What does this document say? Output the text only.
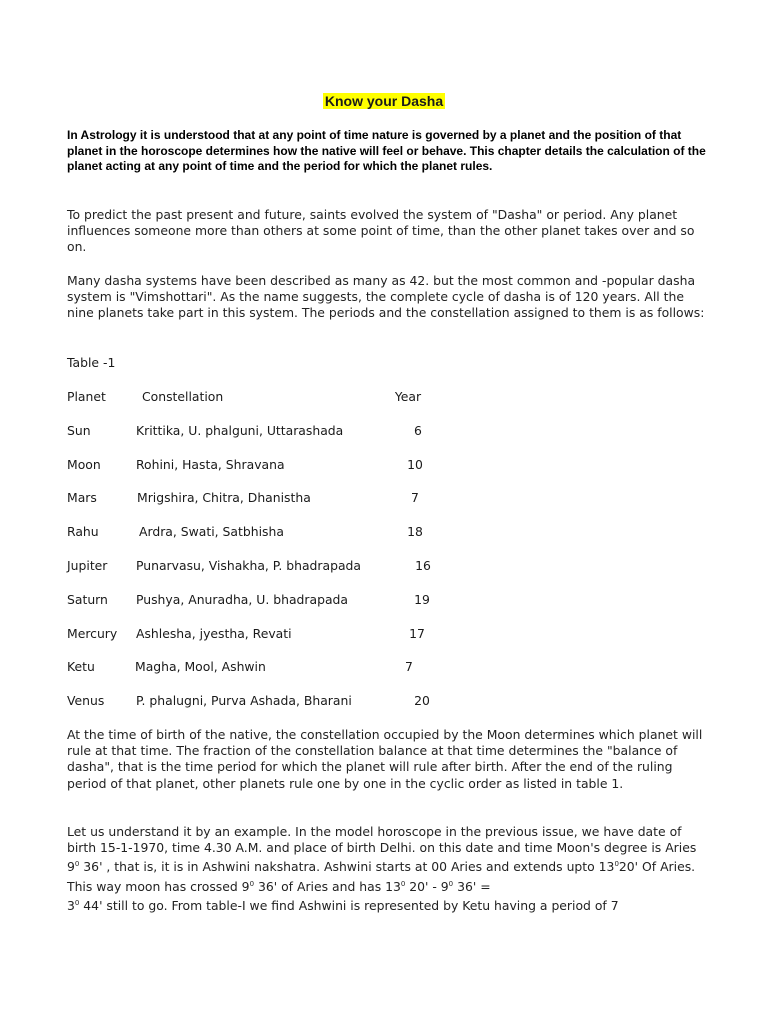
Know your Dasha
In Astrology it is understood that at any point of time nature is governed by a planet and the position of that planet in the horoscope determines how the native will feel or behave. This chapter details the calculation of the planet acting at any point of time and the period for which the planet rules.
To predict the past present and future, saints evolved the system of "Dasha" or period. Any planet influences someone more than others at some point of time, than the other planet takes over and so on.
Many dasha systems have been described as many as 42. but the most common and -popular dasha system is "Vimshottari". As the name suggests, the complete cycle of dasha is of 120 years. All the nine planets take part in this system. The periods and the constellation assigned to them is as follows:
Table -1
Planet	Constellation	Year
Sun	Krittika, U. phalguni, Uttarashada	6
Moon	Rohini, Hasta, Shravana	10
Mars	Mrigshira, Chitra, Dhanistha	7
Rahu	Ardra, Swati, Satbhisha	18
Jupiter Punarvasu, Vishakha, P. bhadrapada	16
Saturn Pushya, Anuradha, U. bhadrapada	19
Mercury Ashlesha, jyestha, Revati	17
Ketu	Magha, Mool, Ashwin	7
Venus	P. phalugni, Purva Ashada, Bharani	20
At the time of birth of the native, the constellation occupied by the Moon determines which planet will rule at that time. The fraction of the constellation balance at that time determines the "balance of dasha", that is the time period for which the planet will rule after birth. After the end of the ruling period of that planet, other planets rule one by one in the cyclic order as listed in table 1.
Let us understand it by an example. In the model horoscope in the previous issue, we have date of birth 15-1-1970, time 4.30 A.M. and place of birth Delhi. on this date and time Moon's degree is Aries $9^0$ 36' , that is, it is in Ashwini nakshatra. Ashwini starts at 00 Aries and extends upto $13^020'$ Of Aries. This way moon has crossed $9^0$ 36' of Aries and has $13^0$ $20' - 9^0$ 36' =
$3^0$ 44' still to go. From table-I we find Ashwini is represented by Ketu having a period of 7
